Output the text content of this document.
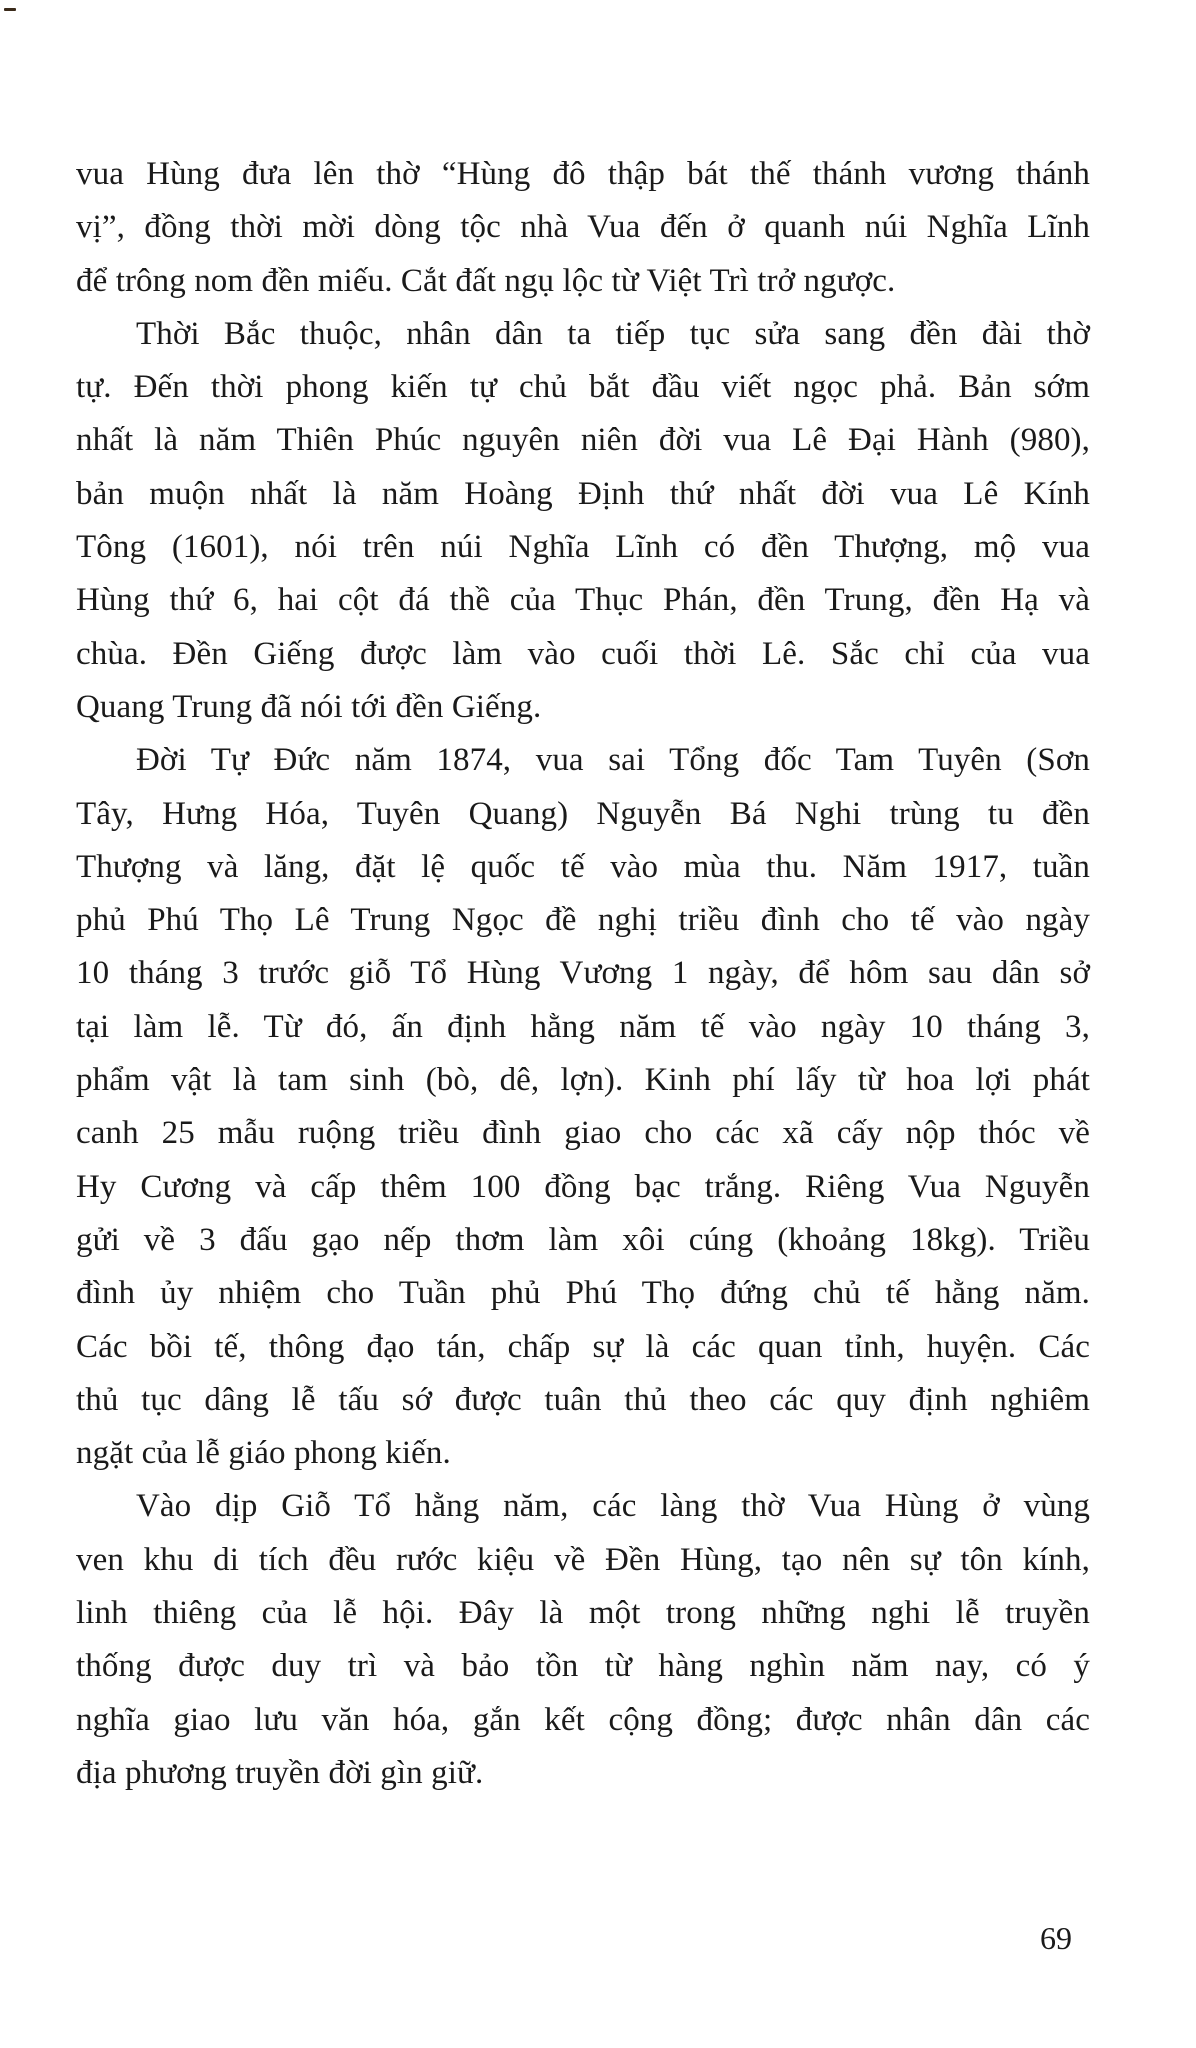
vua Hùng đưa lên thờ “Hùng đô thập bát thế thánh vương thánh
vị”, đồng thời mời dòng tộc nhà Vua đến ở quanh núi Nghĩa Lĩnh
để trông nom đền miếu. Cắt đất ngụ lộc từ Việt Trì trở ngược.
Thời Bắc thuộc, nhân dân ta tiếp tục sửa sang đền đài thờ
tự. Đến thời phong kiến tự chủ bắt đầu viết ngọc phả. Bản sớm
nhất là năm Thiên Phúc nguyên niên đời vua Lê Đại Hành (980),
bản muộn nhất là năm Hoàng Định thứ nhất đời vua Lê Kính
Tông (1601), nói trên núi Nghĩa Lĩnh có đền Thượng, mộ vua
Hùng thứ 6, hai cột đá thề của Thục Phán, đền Trung, đền Hạ và
chùa. Đền Giếng được làm vào cuối thời Lê. Sắc chỉ của vua
Quang Trung đã nói tới đền Giếng.
Đời Tự Đức năm 1874, vua sai Tổng đốc Tam Tuyên (Sơn
Tây, Hưng Hóa, Tuyên Quang) Nguyễn Bá Nghi trùng tu đền
Thượng và lăng, đặt lệ quốc tế vào mùa thu. Năm 1917, tuần
phủ Phú Thọ Lê Trung Ngọc đề nghị triều đình cho tế vào ngày
10 tháng 3 trước giỗ Tổ Hùng Vương 1 ngày, để hôm sau dân sở
tại làm lễ. Từ đó, ấn định hằng năm tế vào ngày 10 tháng 3,
phẩm vật là tam sinh (bò, dê, lợn). Kinh phí lấy từ hoa lợi phát
canh 25 mẫu ruộng triều đình giao cho các xã cấy nộp thóc về
Hy Cương và cấp thêm 100 đồng bạc trắng. Riêng Vua Nguyễn
gửi về 3 đấu gạo nếp thơm làm xôi cúng (khoảng 18kg). Triều
đình ủy nhiệm cho Tuần phủ Phú Thọ đứng chủ tế hằng năm.
Các bồi tế, thông đạo tán, chấp sự là các quan tỉnh, huyện. Các
thủ tục dâng lễ tấu sớ được tuân thủ theo các quy định nghiêm
ngặt của lễ giáo phong kiến.
Vào dịp Giỗ Tổ hằng năm, các làng thờ Vua Hùng ở vùng
ven khu di tích đều rước kiệu về Đền Hùng, tạo nên sự tôn kính,
linh thiêng của lễ hội. Đây là một trong những nghi lễ truyền
thống được duy trì và bảo tồn từ hàng nghìn năm nay, có ý
nghĩa giao lưu văn hóa, gắn kết cộng đồng; được nhân dân các
địa phương truyền đời gìn giữ.
69
